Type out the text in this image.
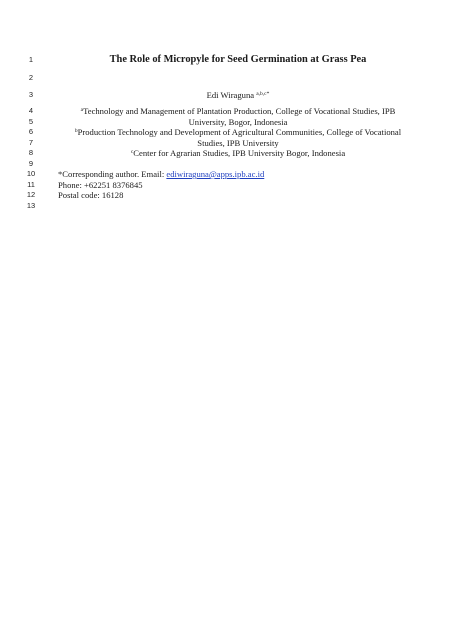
1	The Role of Micropyle for Seed Germination at Grass Pea
2
3	Edi Wiraguna $^{a,b,c*}$
4	$^a$Technology and Management of Plantation Production, College of Vocational Studies, IPB
5	University, Bogor, Indonesia
6	$^b$Production Technology and Development of Agricultural Communities, College of Vocational
7	Studies, IPB University
8	$^c$Center for Agrarian Studies, IPB University Bogor, Indonesia
9
10	*Corresponding author. Email: ediwiraguna@apps.ipb.ac.id
11	Phone: +62251 8376845
12	Postal code: 16128
13
